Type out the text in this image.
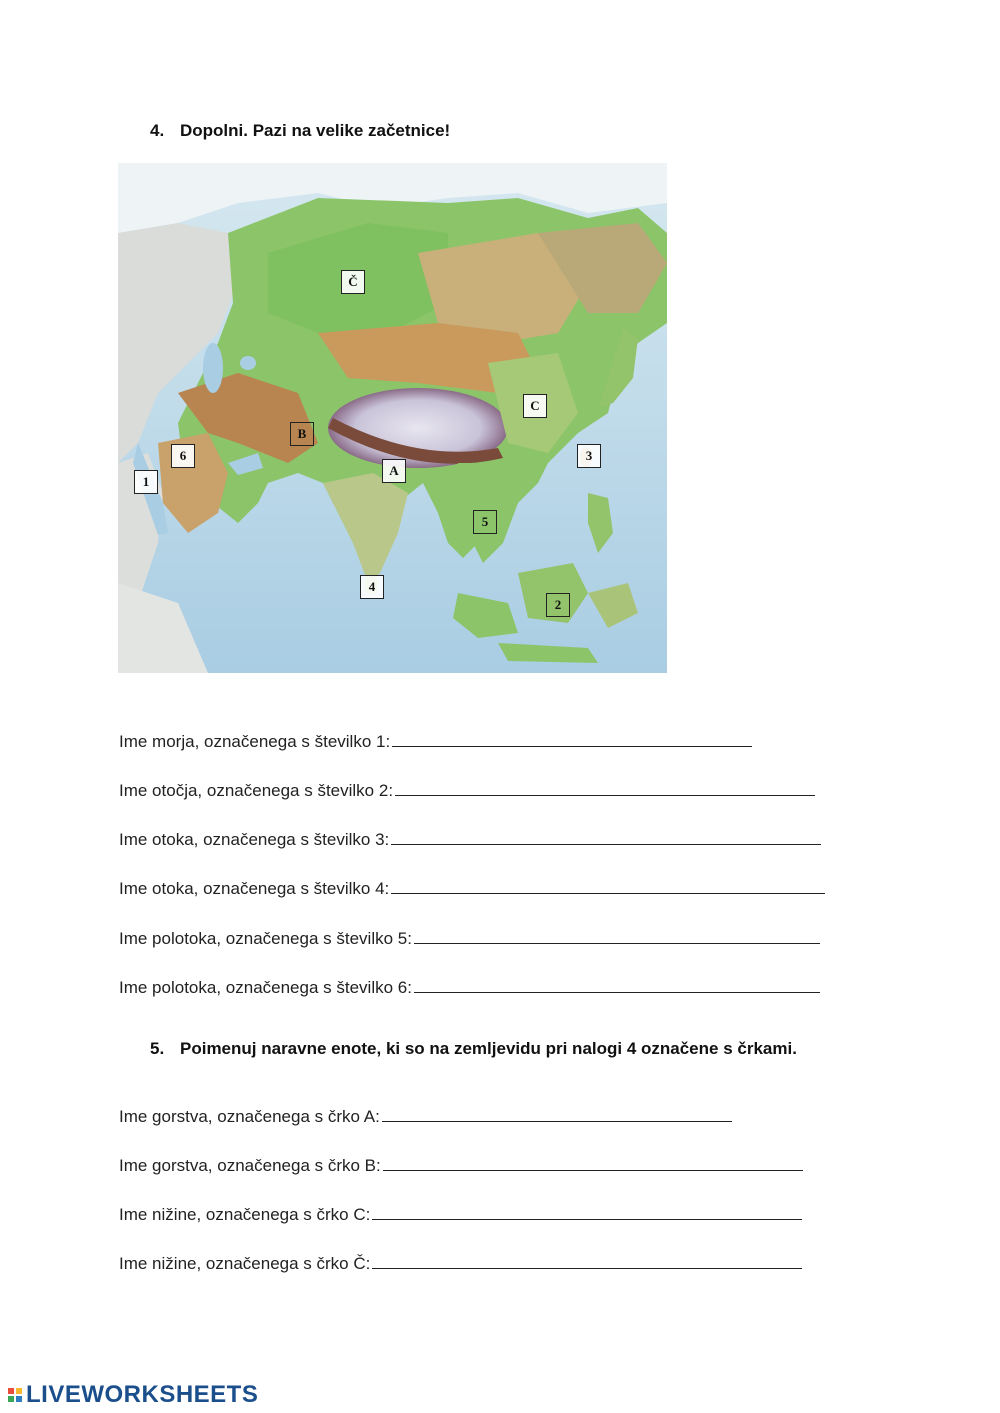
4. Dopolni. Pazi na velike začetnice!
Č
C
B
A
6
1
3
5
4
2
Ime morja, označenega s številko 1:
Ime otočja, označenega s številko 2:
Ime otoka, označenega s številko 3:
Ime otoka, označenega s številko 4:
Ime polotoka, označenega s številko 5:
Ime polotoka, označenega s številko 6:
5. Poimenuj naravne enote, ki so na zemljevidu pri nalogi 4 označene s črkami.
Ime gorstva, označenega s črko A:
Ime gorstva, označenega s črko B:
Ime nižine, označenega s črko C:
Ime nižine, označenega s črko Č:
LIVEWORKSHEETS
